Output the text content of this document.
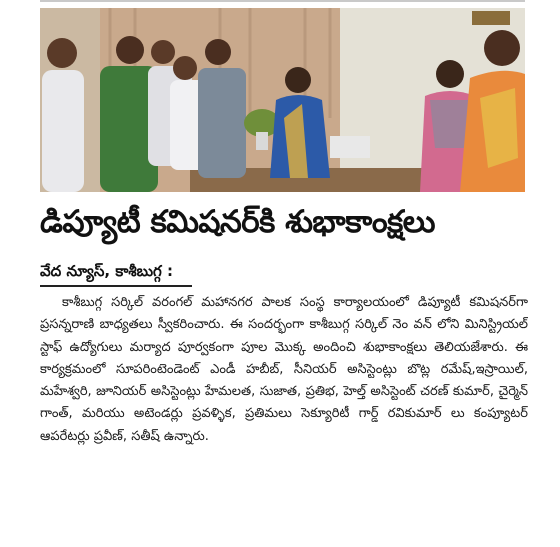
డిప్యూటీ కమిషనర్‌కి శుభాకాంక్షలు
వేద న్యూస్, కాశీబుగ్గ :
కాశీబుగ్గ సర్కిల్ వరంగల్ మహానగర పాలక సంస్థ కార్యాలయంలో డిప్యూటీ కమిషనర్‌గా ప్రసన్నరాణి బాధ్యతలు స్వీకరించారు. ఈ సందర్భంగా కాశీబుగ్గ సర్కిల్ నెం వన్ లోని మినిస్ట్రియల్ స్టాఫ్ ఉద్యోగులు మర్యాద పూర్వకంగా పూల మొక్క అందించి శుభాకాంక్షలు తెలియజేశారు. ఈ కార్యక్రమంలో సూపరింటెండెంట్ ఎండీ హబీబ్, సీనియర్ అసిస్టెంట్లు బొట్ల రమేష్,ఇస్రాయిల్, మహేశ్వరి, జూనియర్ అసిస్టెంట్లు హేమలత, సుజాత, ప్రతిభ, హెల్త్ అసిస్టెంట్ చరణ్ కుమార్, చైర్మెన్ గాంత్, మరియు అటెండర్లు ప్రవళ్ళిక, ప్రతిమలు సెక్యూరిటీ గార్డ్ రవికుమార్ లు కంప్యూటర్ ఆపరేటర్లు ప్రవీణ్, సతీష్ ఉన్నారు.
